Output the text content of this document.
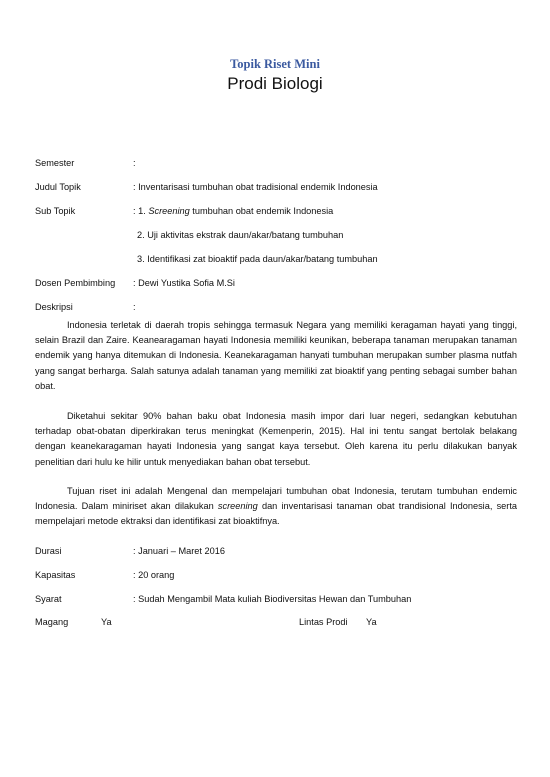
Topik Riset Mini
Prodi Biologi
Semester	:
Judul Topik	: Inventarisasi tumbuhan obat tradisional endemik Indonesia
Sub Topik	: 1. Screening tumbuhan obat endemik Indonesia
2. Uji aktivitas ekstrak daun/akar/batang tumbuhan
3. Identifikasi zat bioaktif pada daun/akar/batang tumbuhan
Dosen Pembimbing : Dewi Yustika Sofia M.Si
Deskripsi	:

Indonesia terletak di daerah tropis sehingga termasuk Negara yang memiliki keragaman hayati yang tinggi, selain Brazil dan Zaire. Keanearagaman hayati Indonesia memiliki keunikan, beberapa tanaman merupakan tanaman endemik yang hanya ditemukan di Indonesia. Keanekaragaman hanyati tumbuhan merupakan sumber plasma nutfah yang sangat berharga. Salah satunya adalah tanaman yang memiliki zat bioaktif yang penting sebagai sumber bahan obat.

Diketahui sekitar 90% bahan baku obat Indonesia masih impor dari luar negeri, sedangkan kebutuhan terhadap obat-obatan diperkirakan terus meningkat (Kemenperin, 2015). Hal ini tentu sangat bertolak belakang dengan keanekaragaman hayati Indonesia yang sangat kaya tersebut. Oleh karena itu perlu dilakukan banyak penelitian dari hulu ke hilir untuk menyediakan bahan obat tersebut.

Tujuan riset ini adalah Mengenal dan mempelajari tumbuhan obat Indonesia, terutam tumbuhan endemic Indonesia. Dalam miniriset akan dilakukan screening dan inventarisasi tanaman obat trandisional Indonesia, serta mempelajari metode ektraksi dan identifikasi zat bioaktifnya.

Durasi	: Januari – Maret 2016
Kapasitas	: 20 orang
Syarat	: Sudah Mengambil Mata kuliah Biodiversitas Hewan dan Tumbuhan
Magang	Ya	Lintas Prodi Ya
